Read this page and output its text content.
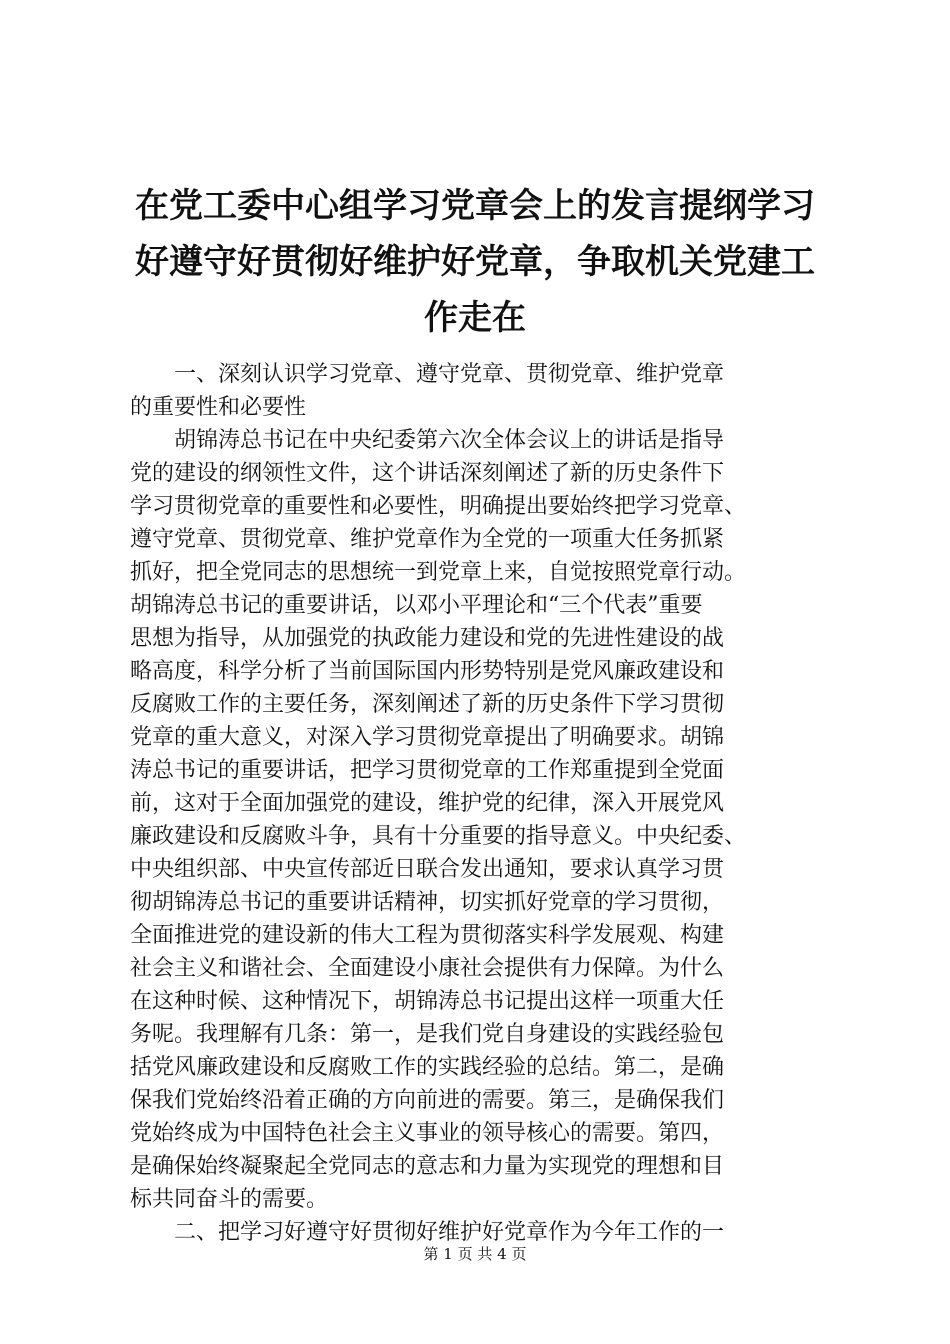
在党工委中心组学习党章会上的发言提纲学习
好遵守好贯彻好维护好党章，争取机关党建工
作走在
一、深刻认识学习党章、遵守党章、贯彻党章、维护党章
的重要性和必要性
胡锦涛总书记在中央纪委第六次全体会议上的讲话是指导
党的建设的纲领性文件，这个讲话深刻阐述了新的历史条件下
学习贯彻党章的重要性和必要性，明确提出要始终把学习党章、
遵守党章、贯彻党章、维护党章作为全党的一项重大任务抓紧
抓好，把全党同志的思想统一到党章上来，自觉按照党章行动。
胡锦涛总书记的重要讲话，以邓小平理论和“三个代表”重要
思想为指导，从加强党的执政能力建设和党的先进性建设的战
略高度，科学分析了当前国际国内形势特别是党风廉政建设和
反腐败工作的主要任务，深刻阐述了新的历史条件下学习贯彻
党章的重大意义，对深入学习贯彻党章提出了明确要求。胡锦
涛总书记的重要讲话，把学习贯彻党章的工作郑重提到全党面
前，这对于全面加强党的建设，维护党的纪律，深入开展党风
廉政建设和反腐败斗争，具有十分重要的指导意义。中央纪委、
中央组织部、中央宣传部近日联合发出通知，要求认真学习贯
彻胡锦涛总书记的重要讲话精神，切实抓好党章的学习贯彻，
全面推进党的建设新的伟大工程为贯彻落实科学发展观、构建
社会主义和谐社会、全面建设小康社会提供有力保障。为什么
在这种时候、这种情况下，胡锦涛总书记提出这样一项重大任
务呢。我理解有几条：第一，是我们党自身建设的实践经验包
括党风廉政建设和反腐败工作的实践经验的总结。第二，是确
保我们党始终沿着正确的方向前进的需要。第三，是确保我们
党始终成为中国特色社会主义事业的领导核心的需要。第四，
是确保始终凝聚起全党同志的意志和力量为实现党的理想和目
标共同奋斗的需要。
二、把学习好遵守好贯彻好维护好党章作为今年工作的一
第 1 页 共 4 页
